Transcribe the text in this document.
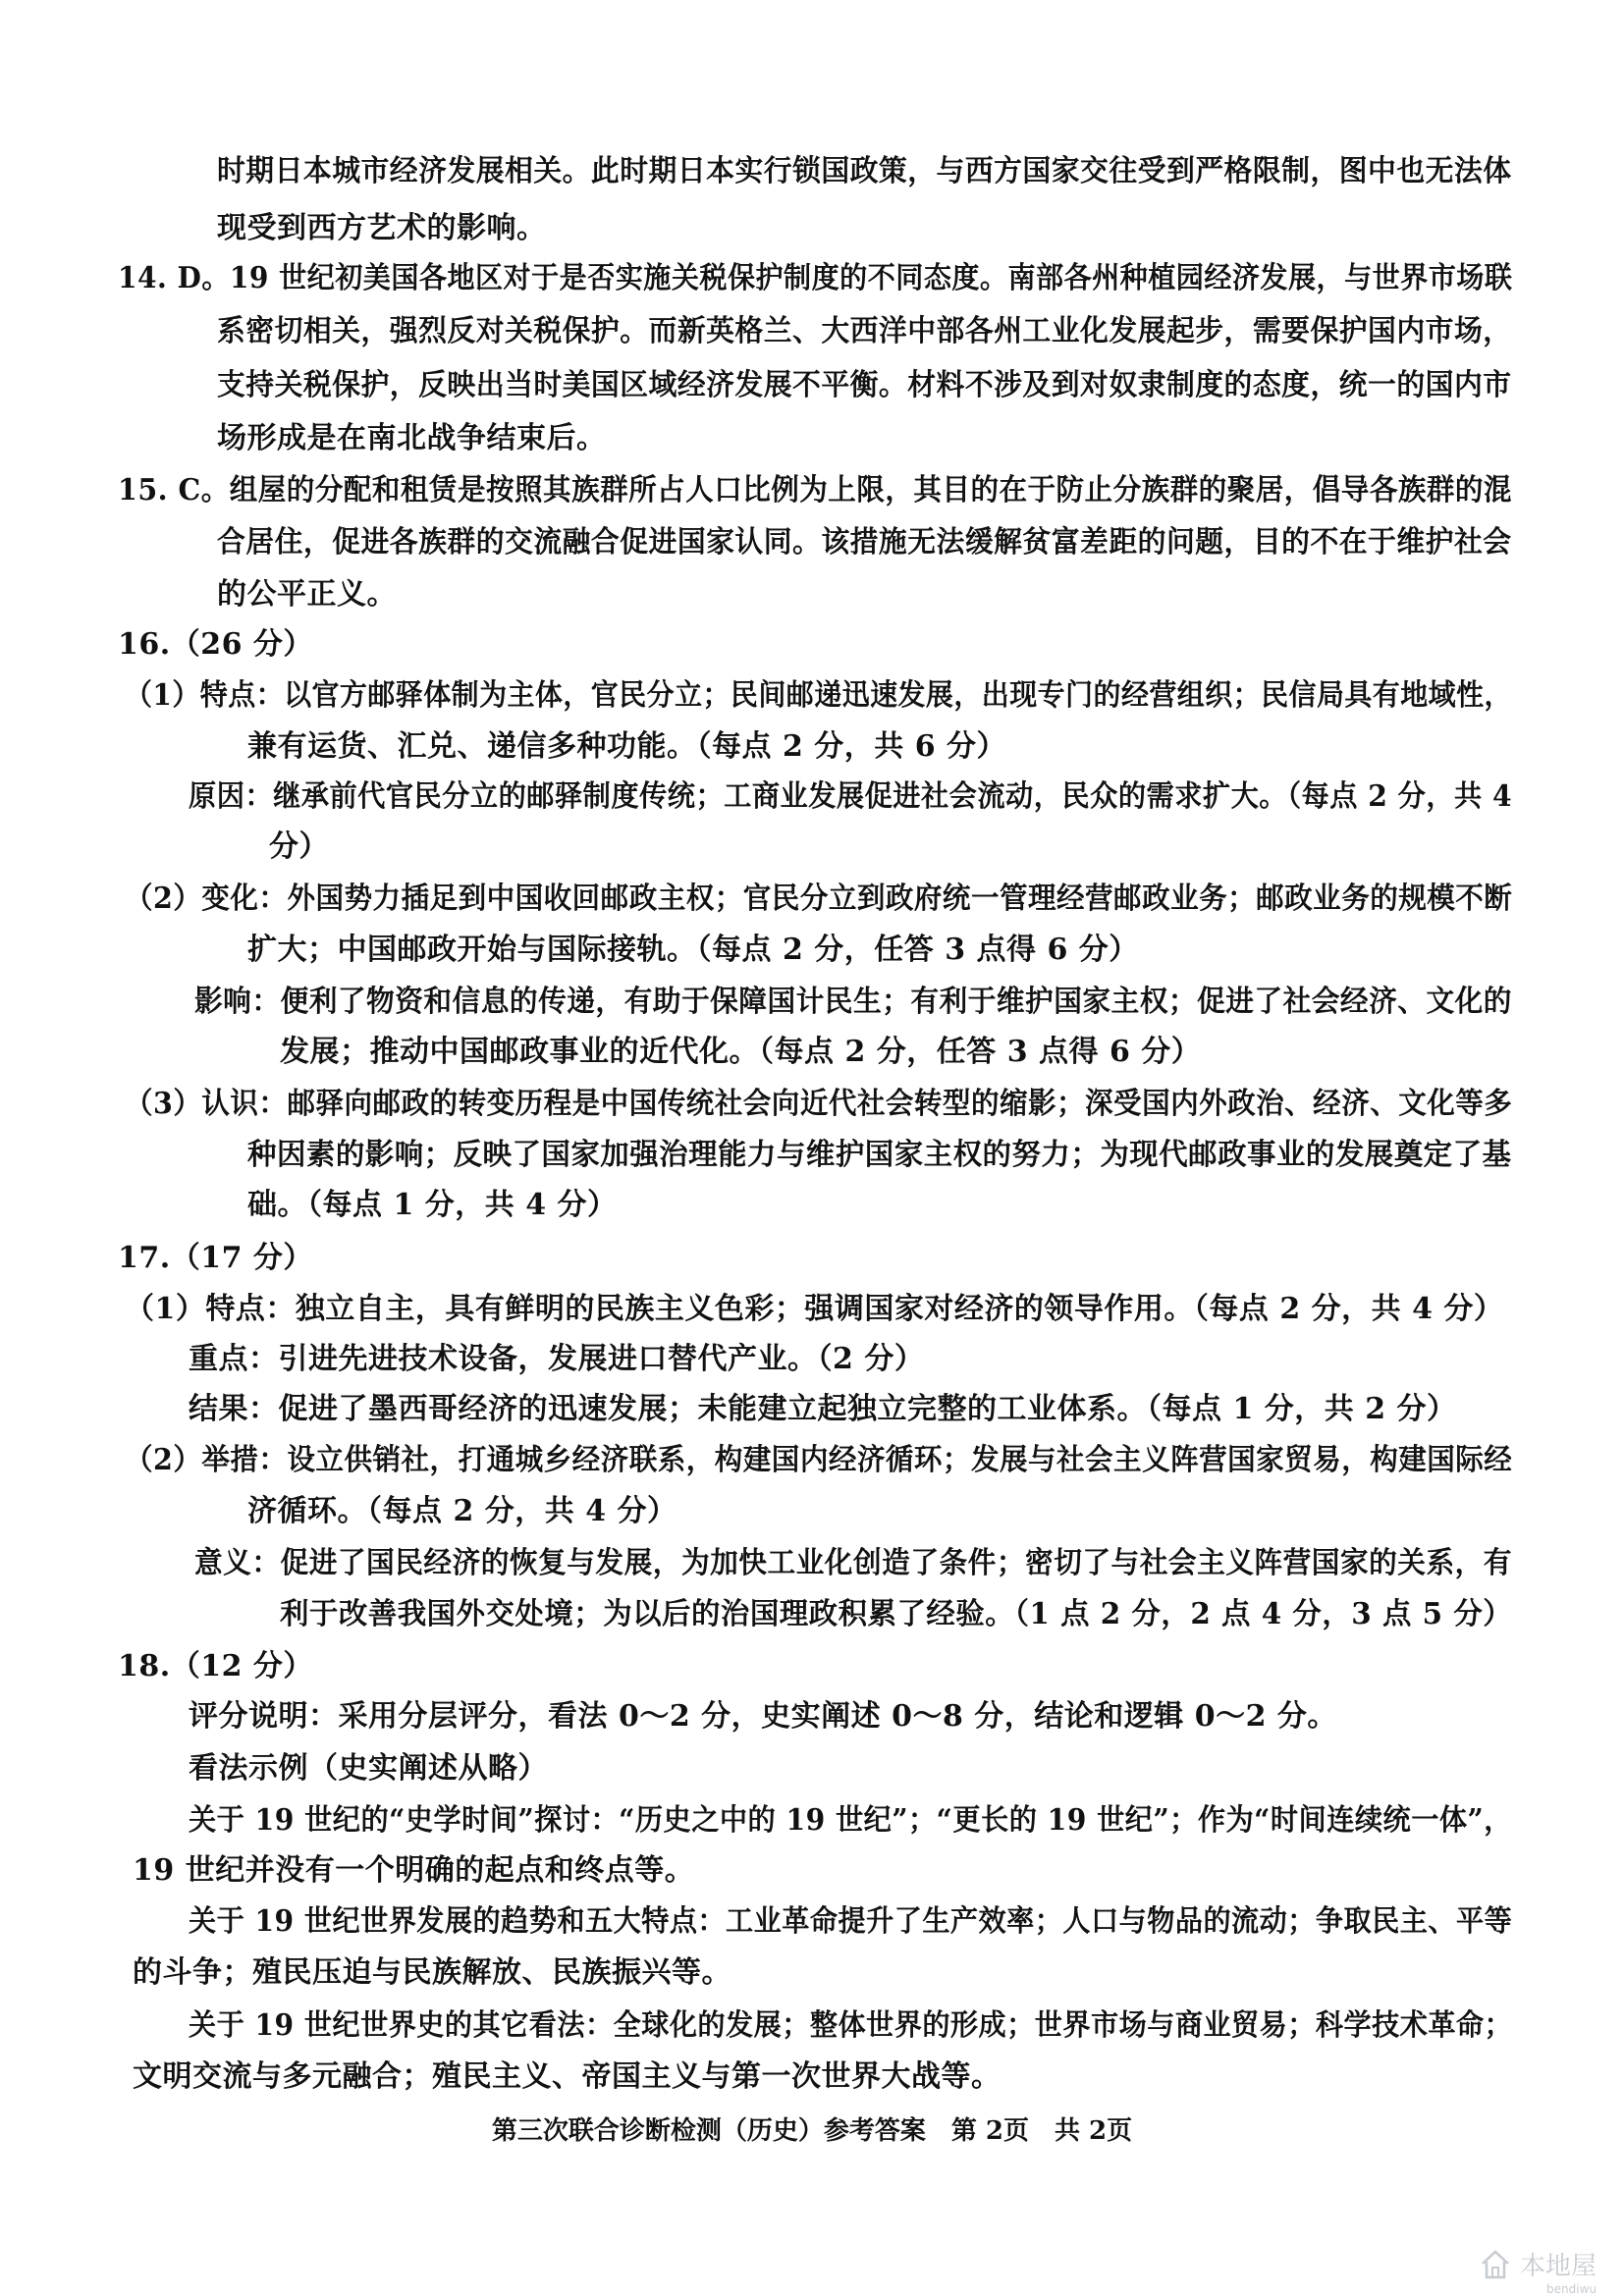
时期日本城市经济发展相关。此时期日本实行锁国政策，与西方国家交往受到严格限制，图中也无法体
现受到西方艺术的影响。
14. D。19 世纪初美国各地区对于是否实施关税保护制度的不同态度。南部各州种植园经济发展，与世界市场联
系密切相关，强烈反对关税保护。而新英格兰、大西洋中部各州工业化发展起步，需要保护国内市场，
支持关税保护，反映出当时美国区域经济发展不平衡。材料不涉及到对奴隶制度的态度，统一的国内市
场形成是在南北战争结束后。
15. C。组屋的分配和租赁是按照其族群所占人口比例为上限，其目的在于防止分族群的聚居，倡导各族群的混
合居住，促进各族群的交流融合促进国家认同。该措施无法缓解贫富差距的问题，目的不在于维护社会
的公平正义。
16.（26 分）
（1）特点：以官方邮驿体制为主体，官民分立；民间邮递迅速发展，出现专门的经营组织；民信局具有地域性，
兼有运货、汇兑、递信多种功能。（每点 2 分，共 6 分）
原因：继承前代官民分立的邮驿制度传统；工商业发展促进社会流动，民众的需求扩大。（每点 2 分，共 4
分）
（2）变化：外国势力插足到中国收回邮政主权；官民分立到政府统一管理经营邮政业务；邮政业务的规模不断
扩大；中国邮政开始与国际接轨。（每点 2 分，任答 3 点得 6 分）
影响：便利了物资和信息的传递，有助于保障国计民生；有利于维护国家主权；促进了社会经济、文化的
发展；推动中国邮政事业的近代化。（每点 2 分，任答 3 点得 6 分）
（3）认识：邮驿向邮政的转变历程是中国传统社会向近代社会转型的缩影；深受国内外政治、经济、文化等多
种因素的影响；反映了国家加强治理能力与维护国家主权的努力；为现代邮政事业的发展奠定了基
础。（每点 1 分，共 4 分）
17.（17 分）
（1）特点：独立自主，具有鲜明的民族主义色彩；强调国家对经济的领导作用。（每点 2 分，共 4 分）
重点：引进先进技术设备，发展进口替代产业。（2 分）
结果：促进了墨西哥经济的迅速发展；未能建立起独立完整的工业体系。（每点 1 分，共 2 分）
（2）举措：设立供销社，打通城乡经济联系，构建国内经济循环；发展与社会主义阵营国家贸易，构建国际经
济循环。（每点 2 分，共 4 分）
意义：促进了国民经济的恢复与发展，为加快工业化创造了条件；密切了与社会主义阵营国家的关系，有
利于改善我国外交处境；为以后的治国理政积累了经验。（1 点 2 分，2 点 4 分，3 点 5 分）
18.（12 分）
评分说明：采用分层评分，看法 0～2 分，史实阐述 0～8 分，结论和逻辑 0～2 分。
看法示例（史实阐述从略）
关于 19 世纪的“史学时间”探讨：“历史之中的 19 世纪”；“更长的 19 世纪”；作为“时间连续统一体”，
19 世纪并没有一个明确的起点和终点等。
关于 19 世纪世界发展的趋势和五大特点：工业革命提升了生产效率；人口与物品的流动；争取民主、平等
的斗争；殖民压迫与民族解放、民族振兴等。
关于 19 世纪世界史的其它看法：全球化的发展；整体世界的形成；世界市场与商业贸易；科学技术革命；
文明交流与多元融合；殖民主义、帝国主义与第一次世界大战等。
第三次联合诊断检测（历史）参考答案　第 2页　共 2页
本地屋
bendiwu
